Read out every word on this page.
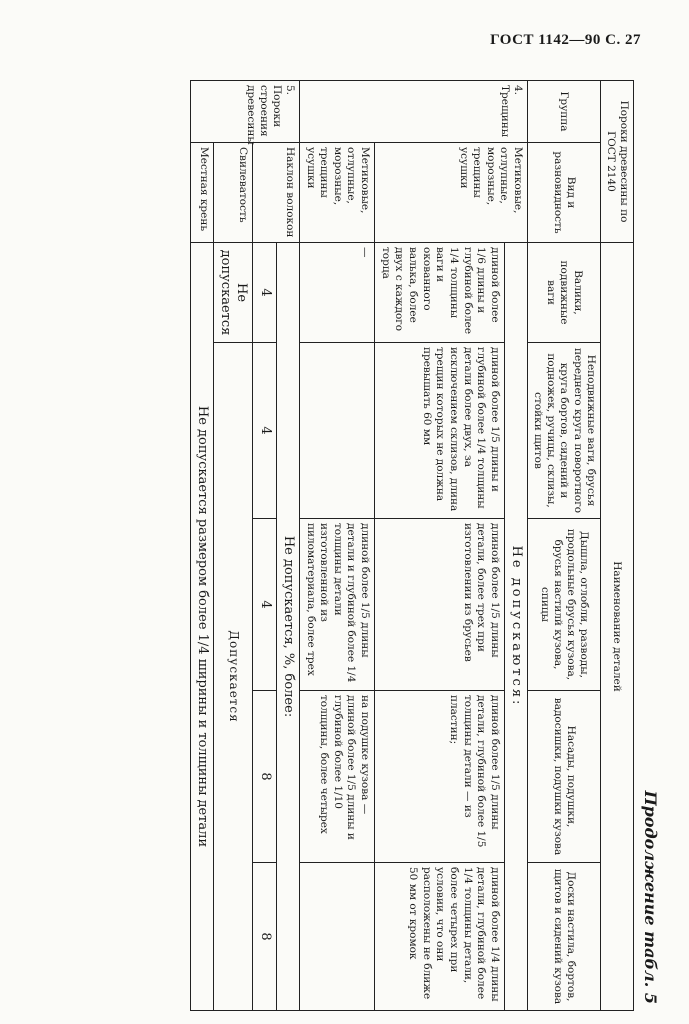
ГОСТ 1142—90 С. 27
Продолжение табл. 5
Пороки древесины по ГОСТ 2140		Наименование деталей				
Группа	Вид и разновидность	Валики, подвижные ваги	Неподвижные ваги, брусья переднего круга поворотного круга бортов, сидений и подножек, ручицы, склизы, стойки щитов	Дышла, оглобли, разводы, продольные брусья кузова, брусья настилй кузова, спицы	Насады, подушки, вадосишки, подушки кузова	Доски настила, бортов, щитов и сидений кузова
4. Трещины	Метиковые, отлупные, морозные, трещины усушки	Не допускаются:				
		длиной более 1/6 длины и глубиной более 1/4 толщины ваги и окованного валька, более двух с каждого торца	длиной более 1/5 длины и глубиной более 1/4 толщины детали более двух, за исключением склизов, длина трещин которых не должна превышать 60 мм	длиной более 1/5 длины детали, более трех при изготовлении из брусьев	длиной более 1/5 длины детали, глубиной более 1/5 толщины детали — из пластин;	длиной более 1/4 длины детали, глубиной более 1/4 толщины детали, более четырех при условии, что они расположены не ближе 50 мм от кромок
	Метиковые, отлупные, морозные, трещины усушки	—		длиной более 1/5 длины детали и глубиной более 1/4 толщины детали изготовленной из пиломатериала, более трех	на подушке кузова — длиной более 1/5 длины и глубиной более 1/10 толщины, более четырех	
5. Пороки строения древесины	Наклон волокон	Не допускается, %, более:				
		4	4	4	8	8
	Свилеватость	Не допускается	Допускается			
	Местная крень	Не допускается размером более 1/4 ширины и толщины детали				
